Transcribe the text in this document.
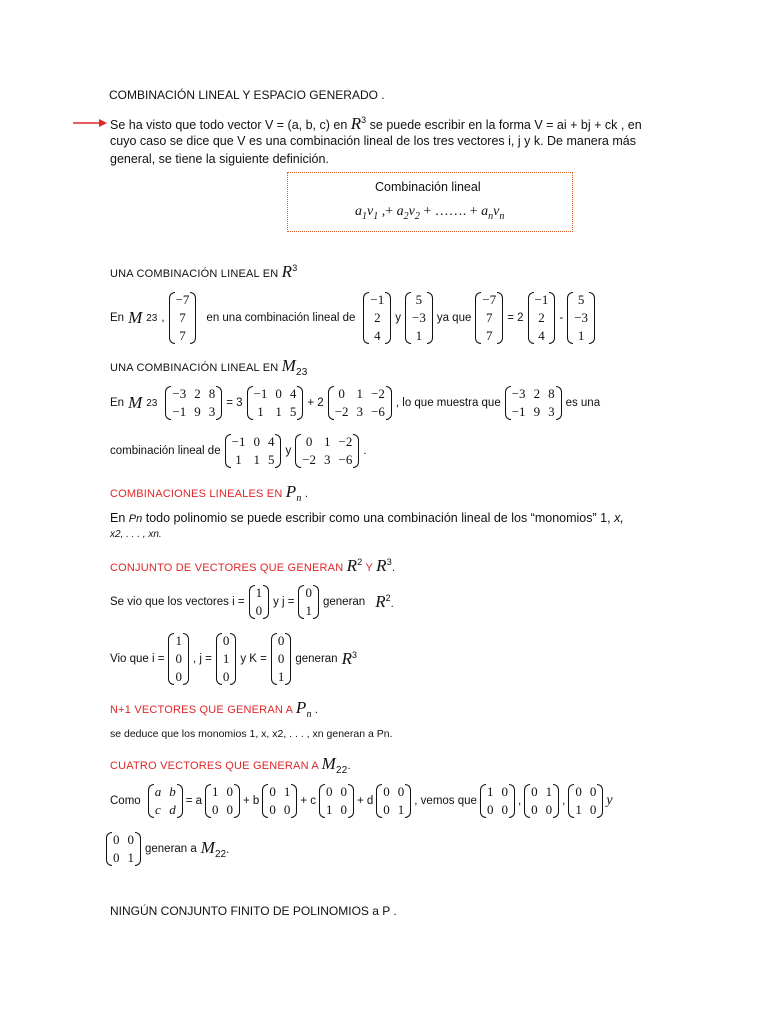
COMBINACIÓN LINEAL Y ESPACIO GENERADO .
Se ha visto que todo vector V = (a, b, c) en $R^3$ se puede escribir en la forma V = ai + bj + ck , en
cuyo caso se dice que V es una combinación lineal de los tres vectores i, j y k. De manera más
general, se tiene la siguiente definición.
Combinación lineal
$a_1v_1$ ,+ $a_2v_2$ + ……. + $a_nv_n$
UNA COMBINACIÓN LINEAL EN $R^3$
En M 23 ,
−7
7
7
en una combinación lineal de
−1
2
4
y
5
−3
1
ya que
−7
7
7
= 2
−1
2
4
-
5
−3
1
UNA COMBINACIÓN LINEAL EN M23
En M 23
−3 2 8
−1 9 3
= 3
−1 0 4
1 1 5
+ 2
0 1 −2
−2 3 −6
, lo que muestra que
−3 2 8
−1 9 3
es una
combinación lineal de
−1 0 4
1 1 5
y
0 1 −2
−2 3 −6
.
COMBINACIONES LINEALES EN Pn .
En Pn todo polinomio se puede escribir como una combinación lineal de los “monomios” 1, x,
x2, . . . , xn.
CONJUNTO DE VECTORES QUE GENERAN $R^2$ Y $R^3$.
Se vio que los vectores i =
1
0
y j =
0
1
generan $R^2$.
Vio que i =
1
0
0
, j =
0
1
0
y K =
0
0
1
generan $R^3$
N+1 VECTORES QUE GENERAN A Pn .
se deduce que los monomios 1, x, x2, . . . , xn generan a Pn.
CUATRO VECTORES QUE GENERAN A M22.
Como
a b
c d
= a
1 0
0 0
+ b
0 1
0 0
+ c
0 0
1 0
+ d
0 0
0 1
, vemos que
1 0
0 0
,
0 1
0 0
,
0 0
1 0
y
0 0
0 1
generan a M22.
NINGÚN CONJUNTO FINITO DE POLINOMIOS a P .
